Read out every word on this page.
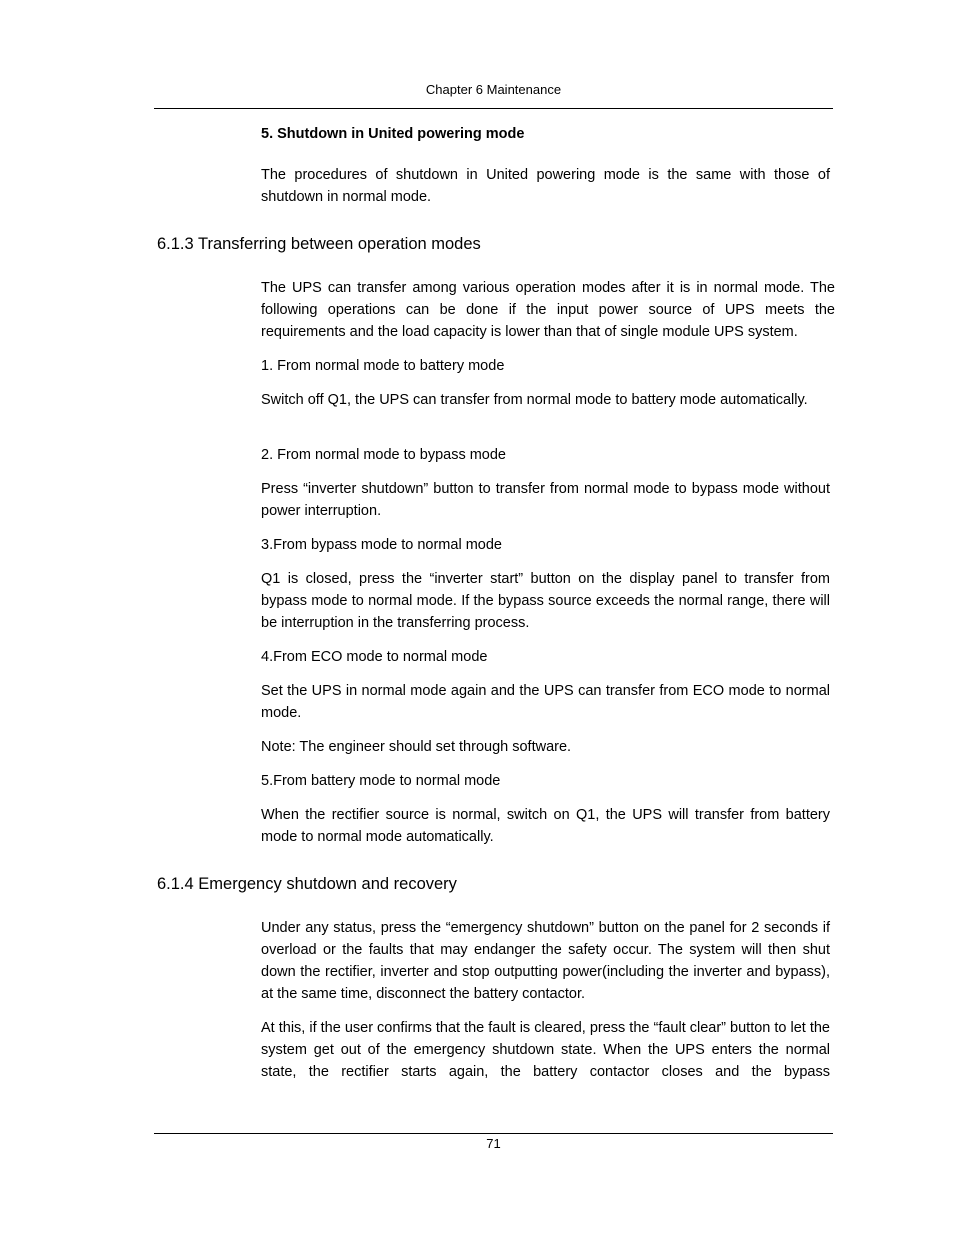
Chapter 6 Maintenance
5. Shutdown in United powering mode

The procedures of shutdown in United powering mode is the same with those of shutdown in normal mode.

6.1.3 Transferring between operation modes

The UPS can transfer among various operation modes after it is in normal mode. The following operations can be done if the input power source of UPS meets the requirements and the load capacity is lower than that of single module UPS system.

1. From normal mode to battery mode

Switch off Q1, the UPS can transfer from normal mode to battery mode automatically.

2. From normal mode to bypass mode

Press “inverter shutdown” button to transfer from normal mode to bypass mode without power interruption.

3.From bypass mode to normal mode

Q1 is closed, press the “inverter start” button on the display panel to transfer from bypass mode to normal mode. If the bypass source exceeds the normal range, there will be interruption in the transferring process.

4.From ECO mode to normal mode

Set the UPS in normal mode again and the UPS can transfer from ECO mode to normal mode.

Note: The engineer should set through software.
5.From battery mode to normal mode

When the rectifier source is normal, switch on Q1, the UPS will transfer from battery mode to normal mode automatically.

6.1.4 Emergency shutdown and recovery

Under any status, press the “emergency shutdown” button on the panel for 2 seconds if overload or the faults that may endanger the safety occur. The system will then shut down the rectifier, inverter and stop outputting power(including the inverter and bypass), at the same time, disconnect the battery contactor.

At this, if the user confirms that the fault is cleared, press the “fault clear” button to let the system get out of the emergency shutdown state. When the UPS enters the normal state, the rectifier starts again, the battery contactor closes and the bypass

71
